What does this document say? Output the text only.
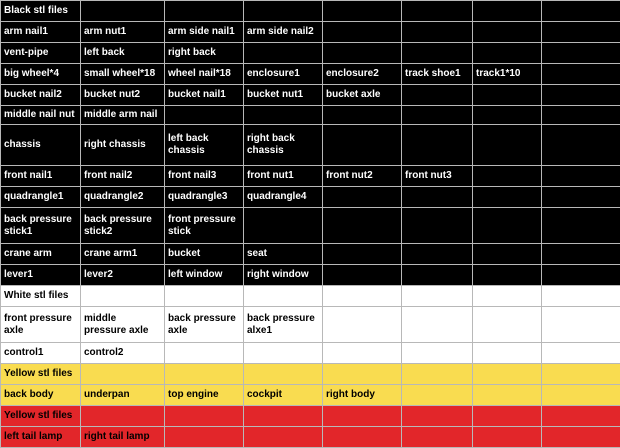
Black stl files							
arm nail1	arm nut1	arm side nail1	arm side nail2				
vent-pipe	left back	right back					
big wheel*4	small wheel*18	wheel nail*18	enclosure1	enclosure2	track shoe1	track1*10	
bucket nail2	bucket nut2	bucket nail1	bucket nut1	bucket axle			
middle nail nut	middle arm nail						
chassis	right chassis	left back chassis	right back chassis				
front nail1	front nail2	front nail3	front nut1	front nut2	front nut3		
quadrangle1	quadrangle2	quadrangle3	quadrangle4				
back pressure stick1	back pressure stick2	front pressure stick					
crane arm	crane arm1	bucket	seat				
lever1	lever2	left window	right window				
White stl files							
front pressure axle	middle pressure axle	back pressure axle	back pressure alxe1				
control1	control2						
Yellow stl files							
back body	underpan	top engine	cockpit	right body			
Yellow stl files							
left tail lamp	right tail lamp						
